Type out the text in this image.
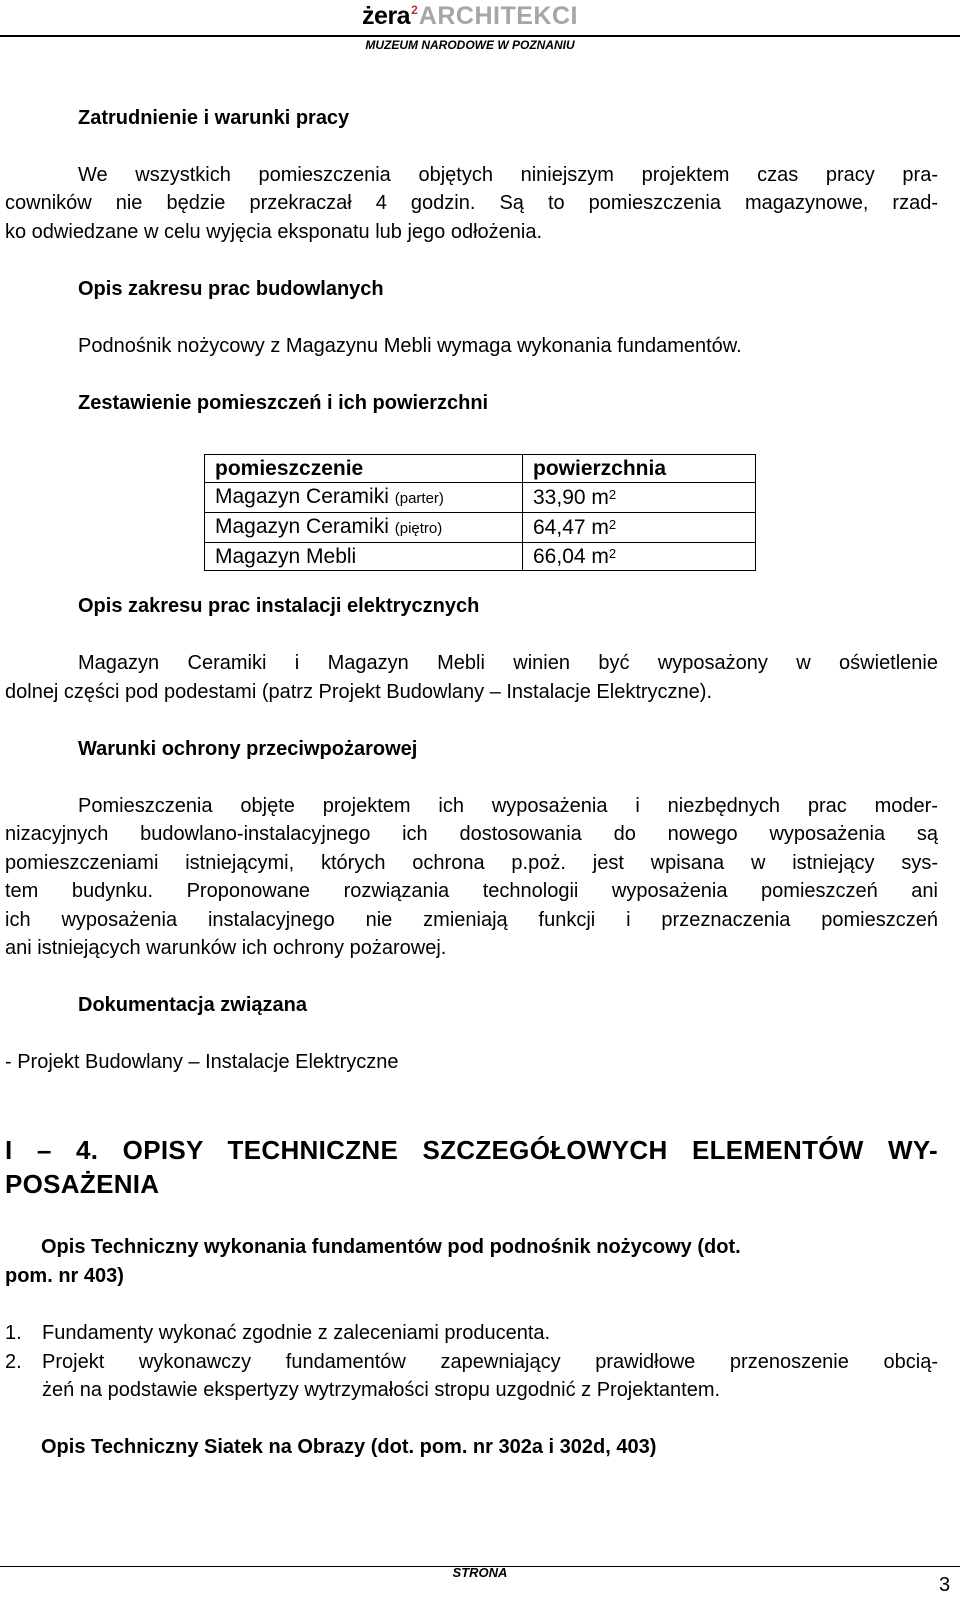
żera$^2$ARCHITEKCI
MUZEUM NARODOWE W POZNANIU
Zatrudnienie i warunki pracy
We wszystkich pomieszczenia objętych niniejszym projektem czas pracy pra-
cowników nie będzie przekraczał 4 godzin. Są to pomieszczenia magazynowe, rzad-
ko odwiedzane w celu wyjęcia eksponatu lub jego odłożenia.
Opis zakresu prac budowlanych
Podnośnik nożycowy z Magazynu Mebli wymaga wykonania fundamentów.
Zestawienie pomieszczeń i ich powierzchni
pomieszczenie	powierzchnia
Magazyn Ceramiki (parter)	33,90 $m^2$
Magazyn Ceramiki (piętro)	64,47 $m^2$
Magazyn Mebli	66,04 $m^2$
Opis zakresu prac instalacji elektrycznych
Magazyn Ceramiki i Magazyn Mebli winien być wyposażony w oświetlenie
dolnej części pod podestami (patrz Projekt Budowlany – Instalacje Elektryczne).
Warunki ochrony przeciwpożarowej
Pomieszczenia objęte projektem ich wyposażenia i niezbędnych prac moder-
nizacyjnych budowlano-instalacyjnego ich dostosowania do nowego wyposażenia są
pomieszczeniami istniejącymi, których ochrona p.poż. jest wpisana w istniejący sys-
tem budynku. Proponowane rozwiązania technologii wyposażenia pomieszczeń ani
ich wyposażenia instalacyjnego nie zmieniają funkcji i przeznaczenia pomieszczeń
ani istniejących warunków ich ochrony pożarowej.
Dokumentacja związana
- Projekt Budowlany – Instalacje Elektryczne
I – 4. OPISY TECHNICZNE SZCZEGÓŁOWYCH ELEMENTÓW WY-
POSAŻENIA
Opis Techniczny wykonania fundamentów pod podnośnik nożycowy (dot.
pom. nr 403)
1. Fundamenty wykonać zgodnie z zaleceniami producenta.
2. Projekt wykonawczy fundamentów zapewniający prawidłowe przenoszenie obcią-
żeń na podstawie ekspertyzy wytrzymałości stropu uzgodnić z Projektantem.
Opis Techniczny Siatek na Obrazy (dot. pom. nr 302a i 302d, 403)
STRONA
3
